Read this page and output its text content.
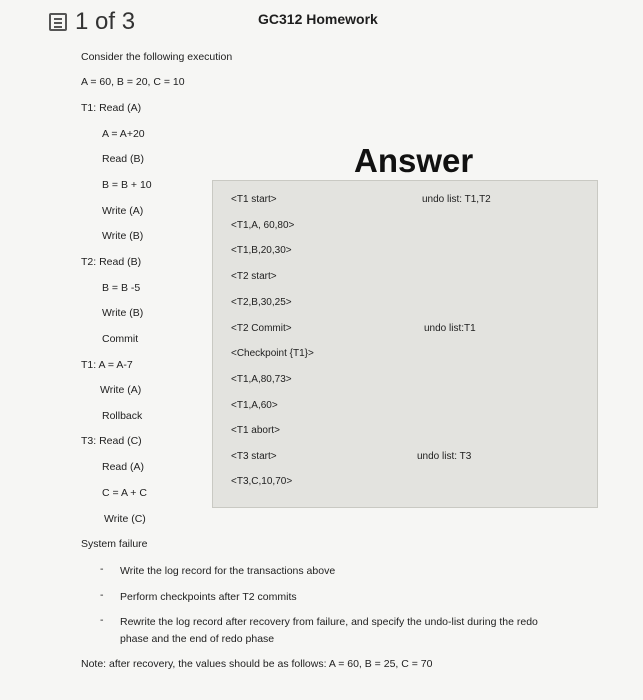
1 of 3	GC312 Homework
Consider the following execution
A = 60, B = 20, C = 10
T1: Read (A)
A = A+20
Read (B)
B = B + 10
Write (A)
Write (B)
T2: Read (B)
B = B -5
Write (B)
Commit
T1: A = A-7
Write (A)
Rollback
T3: Read (C)
Read (A)
C = A + C
Write (C)
System failure
Answer
<T1 start>
<T1,A, 60,80>
<T1,B,20,30>
<T2 start>
<T2,B,30,25>
<T2 Commit>
<Checkpoint {T1}>
<T1,A,80,73>
<T1,A,60>
<T1 abort>
<T3 start>
<T3,C,10,70>
undo list: T1,T2
undo list:T1
undo list: T3
- Write the log record for the transactions above
- Perform checkpoints after T2 commits
- Rewrite the log record after recovery from failure, and specify the undo-list during the redo phase and the end of redo phase
Note: after recovery, the values should be as follows: A = 60, B = 25, C = 70
